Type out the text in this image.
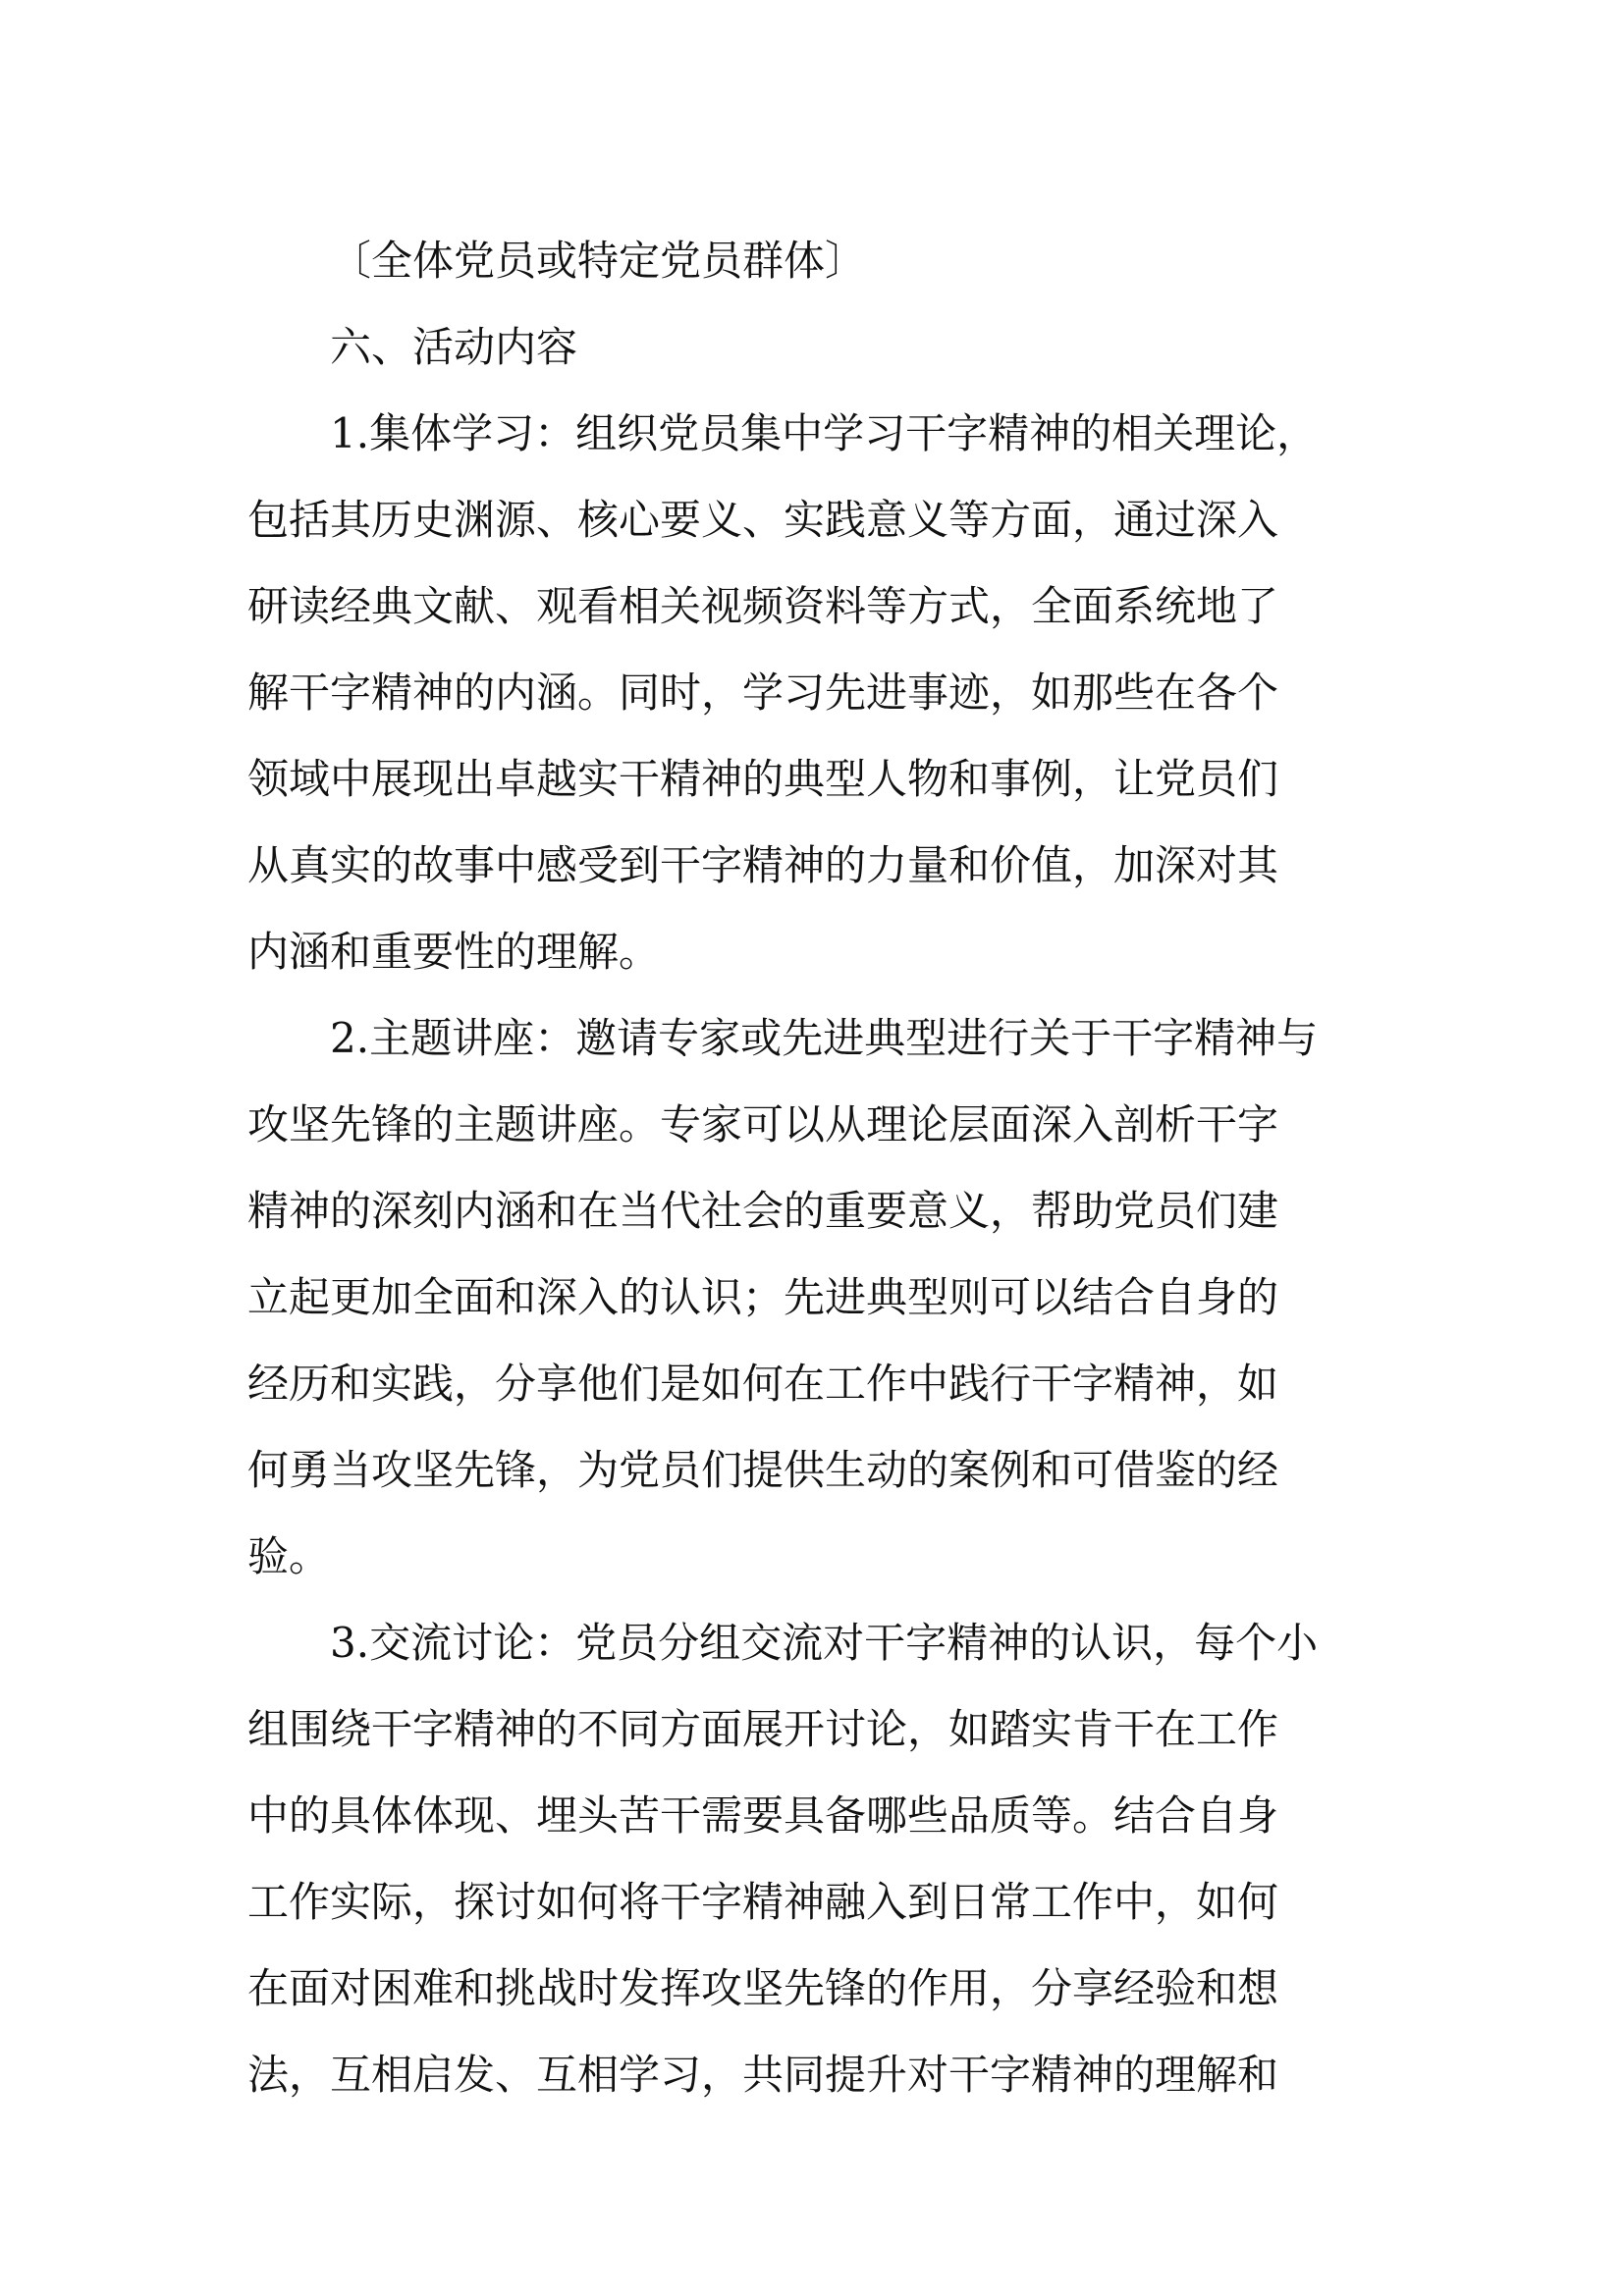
〔全体党员或特定党员群体〕
六、活动内容
1.集体学习：组织党员集中学习干字精神的相关理论，
包括其历史渊源、核心要义、实践意义等方面，通过深入
研读经典文献、观看相关视频资料等方式，全面系统地了
解干字精神的内涵。同时，学习先进事迹，如那些在各个
领域中展现出卓越实干精神的典型人物和事例，让党员们
从真实的故事中感受到干字精神的力量和价值，加深对其
内涵和重要性的理解。
2.主题讲座：邀请专家或先进典型进行关于干字精神与
攻坚先锋的主题讲座。专家可以从理论层面深入剖析干字
精神的深刻内涵和在当代社会的重要意义，帮助党员们建
立起更加全面和深入的认识；先进典型则可以结合自身的
经历和实践，分享他们是如何在工作中践行干字精神，如
何勇当攻坚先锋，为党员们提供生动的案例和可借鉴的经
验。
3.交流讨论：党员分组交流对干字精神的认识，每个小
组围绕干字精神的不同方面展开讨论，如踏实肯干在工作
中的具体体现、埋头苦干需要具备哪些品质等。结合自身
工作实际，探讨如何将干字精神融入到日常工作中，如何
在面对困难和挑战时发挥攻坚先锋的作用，分享经验和想
法，互相启发、互相学习，共同提升对干字精神的理解和
